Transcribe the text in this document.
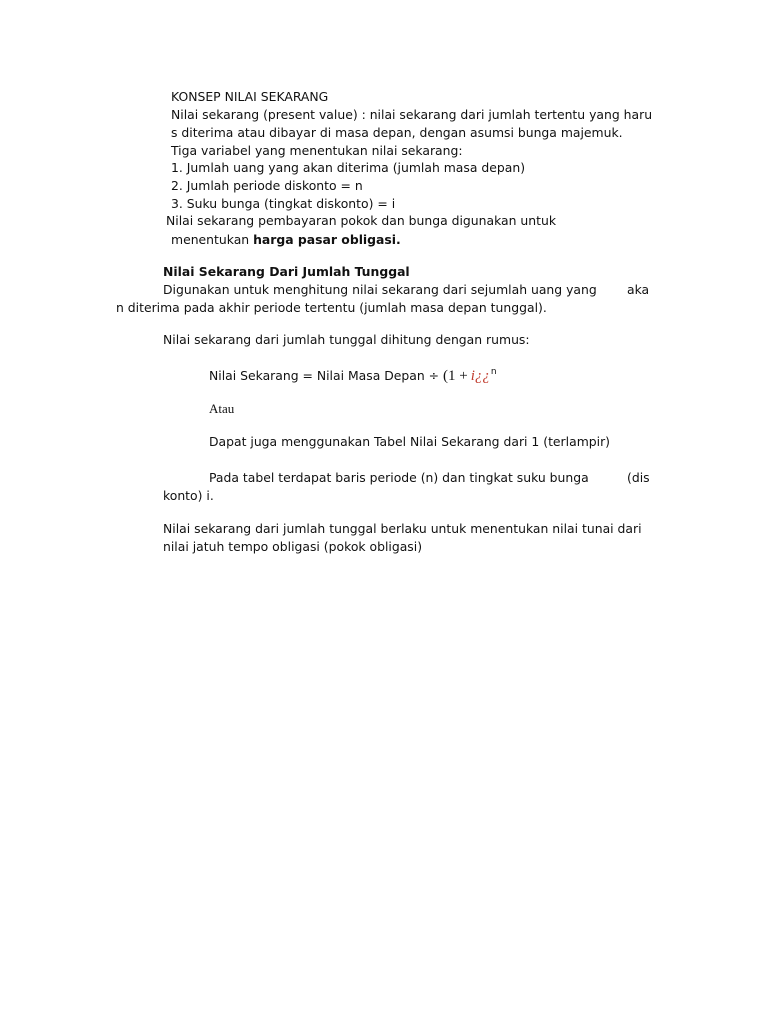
KONSEP NILAI SEKARANG
Nilai sekarang (present value) : nilai sekarang dari jumlah tertentu yang haru
s diterima atau dibayar di masa depan, dengan asumsi bunga majemuk.
Tiga variabel yang menentukan nilai sekarang:
1. Jumlah uang yang akan diterima (jumlah masa depan)
2. Jumlah periode diskonto = n
3. Suku bunga (tingkat diskonto) = i
Nilai sekarang pembayaran pokok dan bunga digunakan untuk
menentukan harga pasar obligasi.
Nilai Sekarang Dari Jumlah Tunggal
Digunakan untuk menghitung nilai sekarang dari sejumlah uang yang aka
n diterima pada akhir periode tertentu (jumlah masa depan tunggal).
Nilai sekarang dari jumlah tunggal dihitung dengan rumus:
Nilai Sekarang = Nilai Masa Depan ÷ (1 + i¿¿$^n$
Atau
Dapat juga menggunakan Tabel Nilai Sekarang dari 1 (terlampir)
Pada tabel terdapat baris periode (n) dan tingkat suku bunga	(dis
konto) i.
Nilai sekarang dari jumlah tunggal berlaku untuk menentukan nilai tunai dari
nilai jatuh tempo obligasi (pokok obligasi)
